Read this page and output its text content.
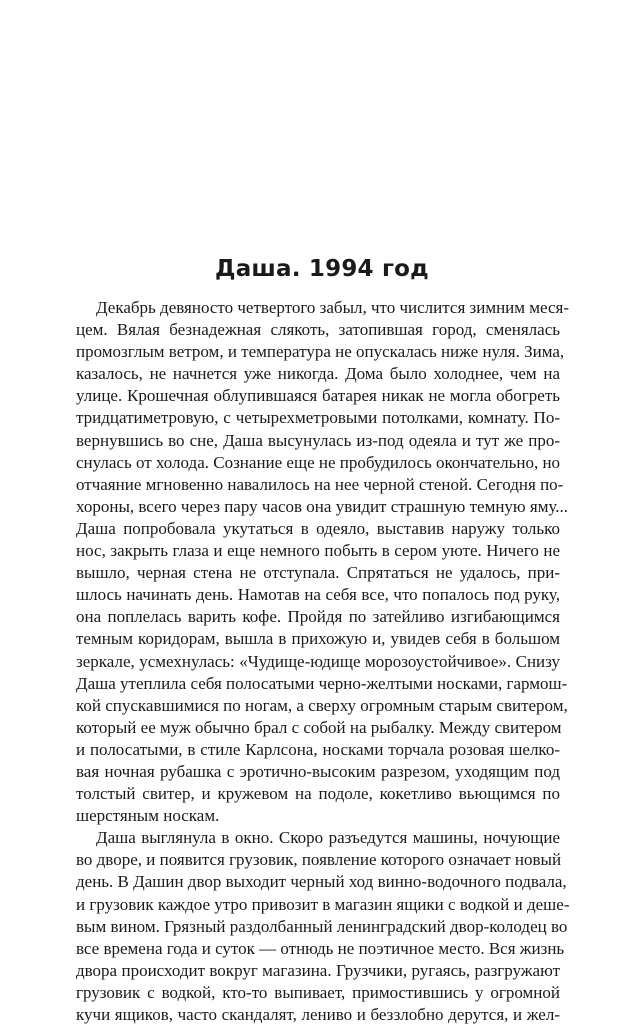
Даша. 1994 год
Декабрь девяносто четвертого забыл, что числится зимним меся-
цем. Вялая безнадежная слякоть, затопившая город, сменялась
промозглым ветром, и температура не опускалась ниже нуля. Зима,
казалось, не начнется уже никогда. Дома было холоднее, чем на
улице. Крошечная облупившаяся батарея никак не могла обогреть
тридцатиметровую, с четырехметровыми потолками, комнату. По-
вернувшись во сне, Даша высунулась из-под одеяла и тут же про-
снулась от холода. Сознание еще не пробудилось окончательно, но
отчаяние мгновенно навалилось на нее черной стеной. Сегодня по-
хороны, всего через пару часов она увидит страшную темную яму...
Даша попробовала укутаться в одеяло, выставив наружу только
нос, закрыть глаза и еще немного побыть в сером уюте. Ничего не
вышло, черная стена не отступала. Спрятаться не удалось, при-
шлось начинать день. Намотав на себя все, что попалось под руку,
она поплелась варить кофе. Пройдя по затейливо изгибающимся
темным коридорам, вышла в прихожую и, увидев себя в большом
зеркале, усмехнулась: «Чудище-юдище морозоустойчивое». Снизу
Даша утеплила себя полосатыми черно-желтыми носками, гармош-
кой спускавшимися по ногам, а сверху огромным старым свитером,
который ее муж обычно брал с собой на рыбалку. Между свитером
и полосатыми, в стиле Карлсона, носками торчала розовая шелко-
вая ночная рубашка с эротично-высоким разрезом, уходящим под
толстый свитер, и кружевом на подоле, кокетливо вьющимся по
шерстяным носкам.
Даша выглянула в окно. Скоро разъедутся машины, ночующие
во дворе, и появится грузовик, появление которого означает новый
день. В Дашин двор выходит черный ход винно-водочного подвала,
и грузовик каждое утро привозит в магазин ящики с водкой и деше-
вым вином. Грязный раздолбанный ленинградский двор-колодец во
все времена года и суток — отнюдь не поэтичное место. Вся жизнь
двора происходит вокруг магазина. Грузчики, ругаясь, разгружают
грузовик с водкой, кто-то выпивает, примостившись у огромной
кучи ящиков, часто скандалят, лениво и беззлобно дерутся, и жел-
